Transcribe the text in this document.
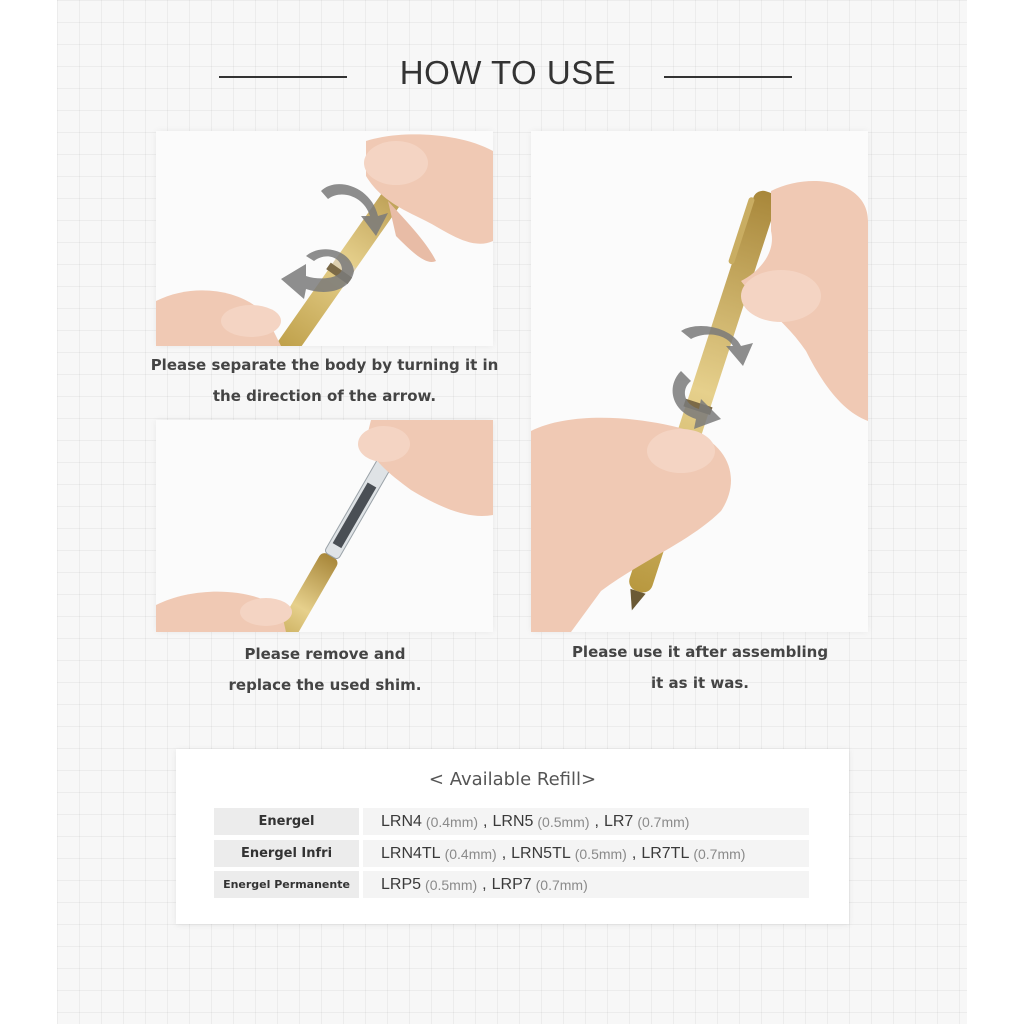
HOW TO USE
Please separate the body by turning it in
the direction of the arrow.
Please remove and
replace the used shim.
Please use it after assembling
it as it was.
< Available Refill>
Energel	LRN4 (0.4mm) , LRN5 (0.5mm) , LR7 (0.7mm)
Energel Infri	LRN4TL (0.4mm) , LRN5TL (0.5mm) , LR7TL (0.7mm)
Energel Permanente	LRP5 (0.5mm) , LRP7 (0.7mm)
